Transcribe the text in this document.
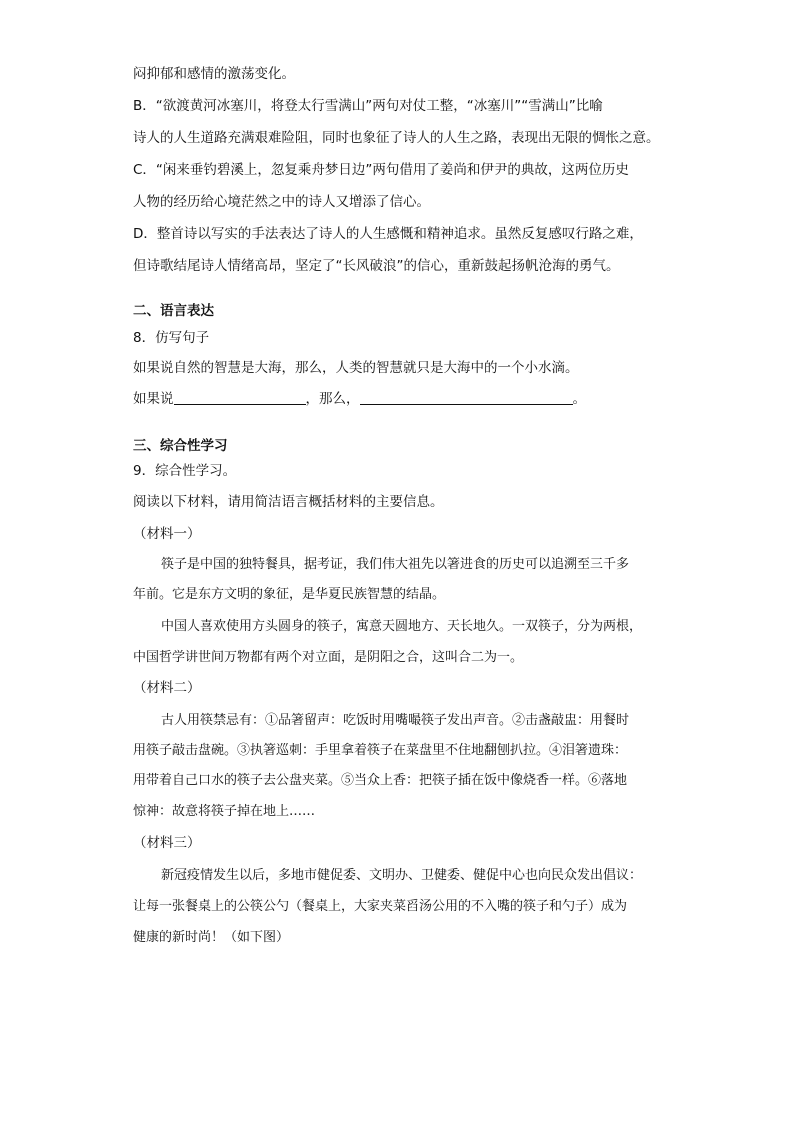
闷抑郁和感情的激荡变化。
B．“欲渡黄河冰塞川，将登太行雪满山”两句对仗工整，“冰塞川”“雪满山”比喻
诗人的人生道路充满艰难险阻，同时也象征了诗人的人生之路，表现出无限的惆怅之意。
C．“闲来垂钓碧溪上，忽复乘舟梦日边”两句借用了姜尚和伊尹的典故，这两位历史
人物的经历给心境茫然之中的诗人又增添了信心。
D．整首诗以写实的手法表达了诗人的人生感慨和精神追求。虽然反复感叹行路之难，
但诗歌结尾诗人情绪高昂，坚定了“长风破浪”的信心，重新鼓起扬帆沧海的勇气。
二、语言表达
8．仿写句子
如果说自然的智慧是大海，那么，人类的智慧就只是大海中的一个小水滴。
如果说	，那么，	。
三、综合性学习
9．综合性学习。
阅读以下材料，请用简洁语言概括材料的主要信息。
（材料一）
筷子是中国的独特餐具，据考证，我们伟大祖先以箸进食的历史可以追溯至三千多
年前。它是东方文明的象征，是华夏民族智慧的结晶。
中国人喜欢使用方头圆身的筷子，寓意天圆地方、天长地久。一双筷子，分为两根，
中国哲学讲世间万物都有两个对立面，是阴阳之合，这叫合二为一。
（材料二）
古人用筷禁忌有：①品箸留声：吃饭时用嘴嘬筷子发出声音。②击盏敲盅：用餐时
用筷子敲击盘碗。③执箸巡刺：手里拿着筷子在菜盘里不住地翻刨扒拉。④泪箸遗珠：
用带着自己口水的筷子去公盘夹菜。⑤当众上香：把筷子插在饭中像烧香一样。⑥落地
惊神：故意将筷子掉在地上……
（材料三）
新冠疫情发生以后，多地市健促委、文明办、卫健委、健促中心也向民众发出倡议：
让每一张餐桌上的公筷公勺（餐桌上，大家夹菜舀汤公用的不入嘴的筷子和勺子）成为
健康的新时尚！（如下图）
